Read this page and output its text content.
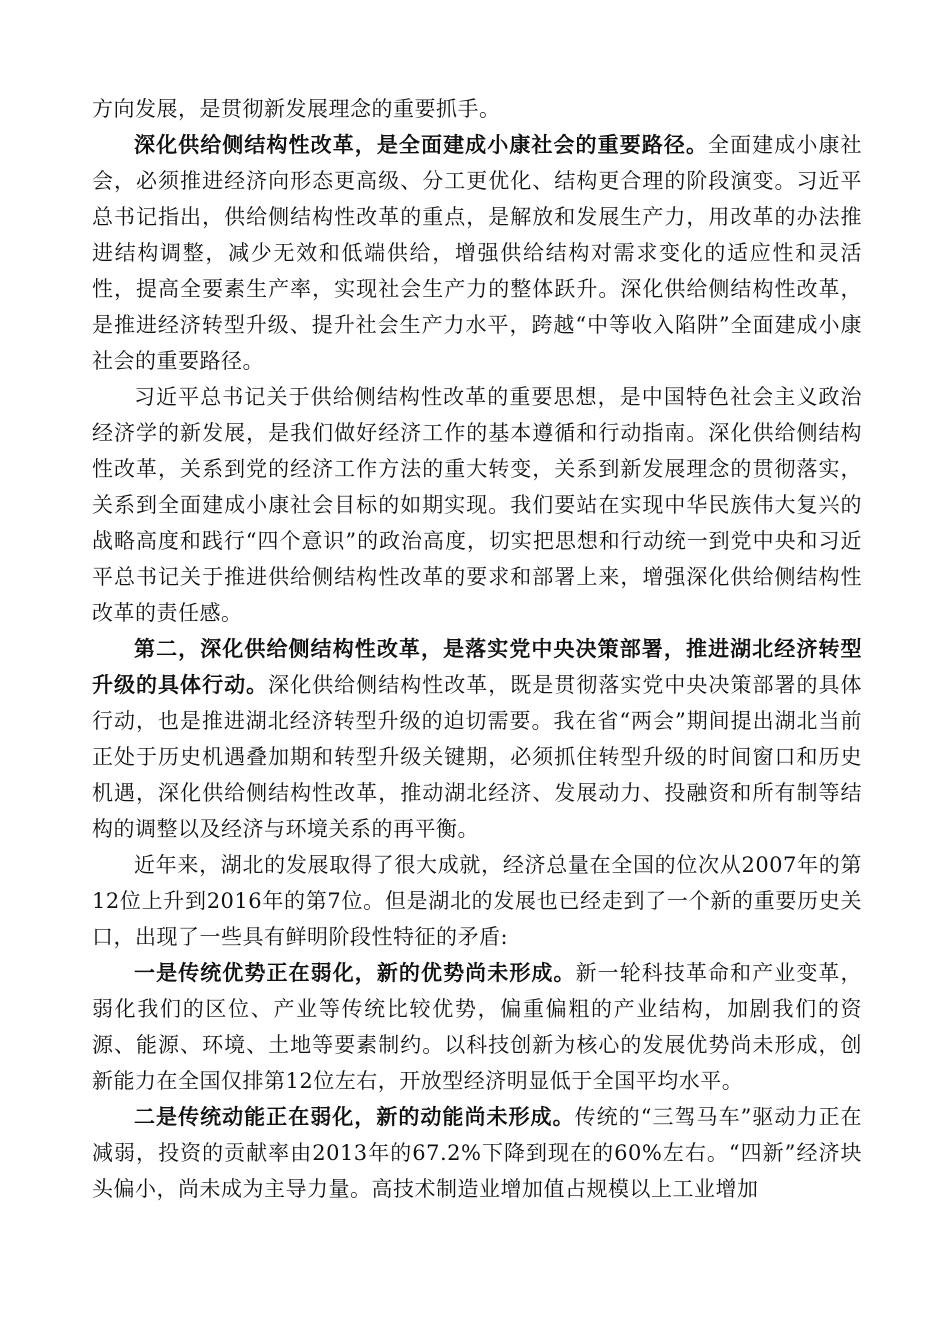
方向发展，是贯彻新发展理念的重要抓手。

深化供给侧结构性改革，是全面建成小康社会的重要路径。全面建成小康社会，必须推进经济向形态更高级、分工更优化、结构更合理的阶段演变。习近平总书记指出，供给侧结构性改革的重点，是解放和发展生产力，用改革的办法推进结构调整，减少无效和低端供给，增强供给结构对需求变化的适应性和灵活性，提高全要素生产率，实现社会生产力的整体跃升。深化供给侧结构性改革，是推进经济转型升级、提升社会生产力水平，跨越“中等收入陷阱”全面建成小康社会的重要路径。

习近平总书记关于供给侧结构性改革的重要思想，是中国特色社会主义政治经济学的新发展，是我们做好经济工作的基本遵循和行动指南。深化供给侧结构性改革，关系到党的经济工作方法的重大转变，关系到新发展理念的贯彻落实，关系到全面建成小康社会目标的如期实现。我们要站在实现中华民族伟大复兴的战略高度和践行“四个意识”的政治高度，切实把思想和行动统一到党中央和习近平总书记关于推进供给侧结构性改革的要求和部署上来，增强深化供给侧结构性改革的责任感。

第二，深化供给侧结构性改革，是落实党中央决策部署，推进湖北经济转型升级的具体行动。深化供给侧结构性改革，既是贯彻落实党中央决策部署的具体行动，也是推进湖北经济转型升级的迫切需要。我在省“两会”期间提出湖北当前正处于历史机遇叠加期和转型升级关键期，必须抓住转型升级的时间窗口和历史机遇，深化供给侧结构性改革，推动湖北经济、发展动力、投融资和所有制等结构的调整以及经济与环境关系的再平衡。

近年来，湖北的发展取得了很大成就，经济总量在全国的位次从2007年的第12位上升到2016年的第7位。但是湖北的发展也已经走到了一个新的重要历史关口，出现了一些具有鲜明阶段性特征的矛盾:

一是传统优势正在弱化，新的优势尚未形成。新一轮科技革命和产业变革，弱化我们的区位、产业等传统比较优势，偏重偏粗的产业结构，加剧我们的资源、能源、环境、土地等要素制约。以科技创新为核心的发展优势尚未形成，创新能力在全国仅排第12位左右，开放型经济明显低于全国平均水平。

二是传统动能正在弱化，新的动能尚未形成。传统的“三驾马车”驱动力正在减弱，投资的贡献率由2013年的67.2%下降到现在的60%左右。“四新”经济块头偏小，尚未成为主导力量。高技术制造业增加值占规模以上工业增加
